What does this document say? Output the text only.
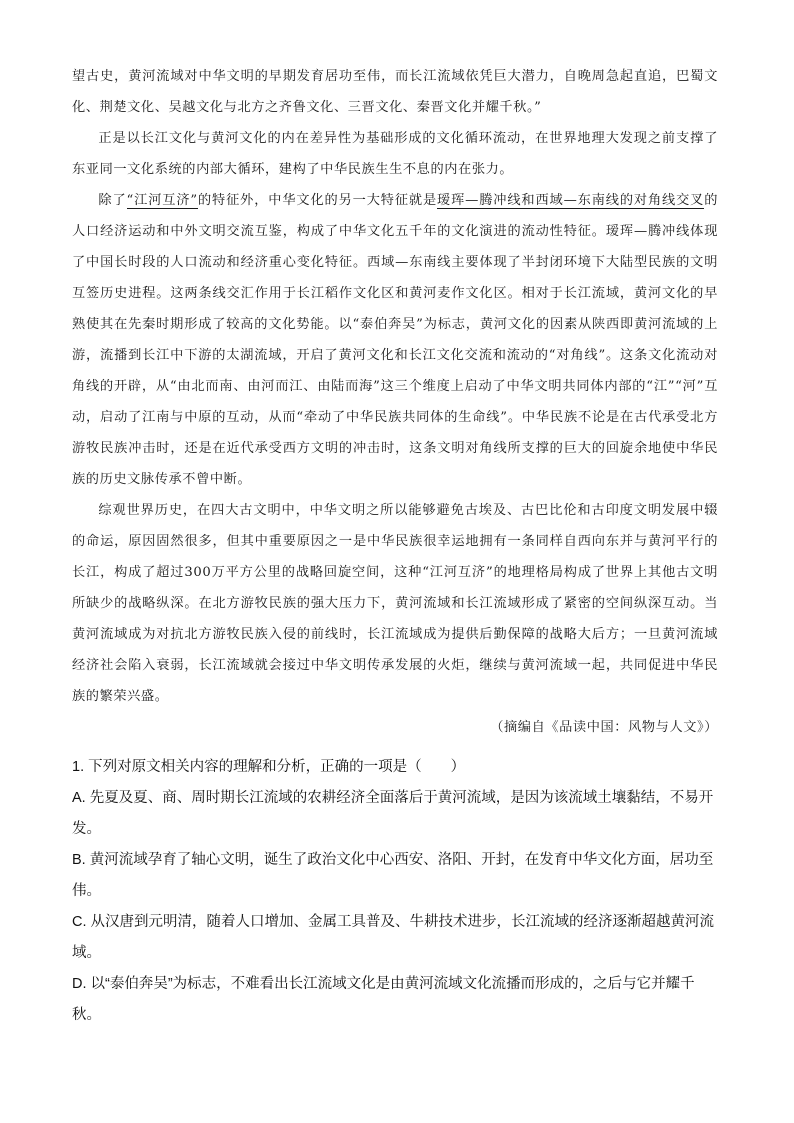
望古史，黄河流域对中华文明的早期发育居功至伟，而长江流域依凭巨大潜力，自晚周急起直追，巴蜀文化、荆楚文化、吴越文化与北方之齐鲁文化、三晋文化、秦晋文化并耀千秋。”

正是以长江文化与黄河文化的内在差异性为基础形成的文化循环流动，在世界地理大发现之前支撑了东亚同一文化系统的内部大循环，建构了中华民族生生不息的内在张力。

除了“江河互济”的特征外，中华文化的另一大特征就是瑷珲—腾冲线和西域—东南线的对角线交叉的人口经济运动和中外文明交流互鉴，构成了中华文化五千年的文化演进的流动性特征。瑷珲—腾冲线体现了中国长时段的人口流动和经济重心变化特征。西域—东南线主要体现了半封闭环境下大陆型民族的文明互签历史进程。这两条线交汇作用于长江稻作文化区和黄河麦作文化区。相对于长江流域，黄河文化的早熟使其在先秦时期形成了较高的文化势能。以“泰伯奔吴”为标志，黄河文化的因素从陕西即黄河流域的上游，流播到长江中下游的太湖流域，开启了黄河文化和长江文化交流和流动的“对角线”。这条文化流动对角线的开辟，从“由北而南、由河而江、由陆而海”这三个维度上启动了中华文明共同体内部的“江”“河”互动，启动了江南与中原的互动，从而“牵动了中华民族共同体的生命线”。中华民族不论是在古代承受北方游牧民族冲击时，还是在近代承受西方文明的冲击时，这条文明对角线所支撑的巨大的回旋余地使中华民族的历史文脉传承不曾中断。

综观世界历史，在四大古文明中，中华文明之所以能够避免古埃及、古巴比伦和古印度文明发展中辍的命运，原因固然很多，但其中重要原因之一是中华民族很幸运地拥有一条同样自西向东并与黄河平行的长江，构成了超过300万平方公里的战略回旋空间，这种“江河互济”的地理格局构成了世界上其他古文明所缺少的战略纵深。在北方游牧民族的强大压力下，黄河流域和长江流域形成了紧密的空间纵深互动。当黄河流域成为对抗北方游牧民族入侵的前线时，长江流域成为提供后勤保障的战略大后方；一旦黄河流域经济社会陷入衰弱，长江流域就会接过中华文明传承发展的火炬，继续与黄河流域一起，共同促进中华民族的繁荣兴盛。

（摘编自《品读中国：风物与人文》）

1. 下列对原文相关内容的理解和分析，正确的一项是（　　）

A. 先夏及夏、商、周时期长江流域的农耕经济全面落后于黄河流域，是因为该流域土壤黏结，不易开发。

B. 黄河流域孕育了轴心文明，诞生了政治文化中心西安、洛阳、开封，在发育中华文化方面，居功至伟。

C. 从汉唐到元明清，随着人口增加、金属工具普及、牛耕技术进步，长江流域的经济逐渐超越黄河流域。

D. 以“泰伯奔吴”为标志，不难看出长江流域文化是由黄河流域文化流播而形成的，之后与它并耀千秋。
